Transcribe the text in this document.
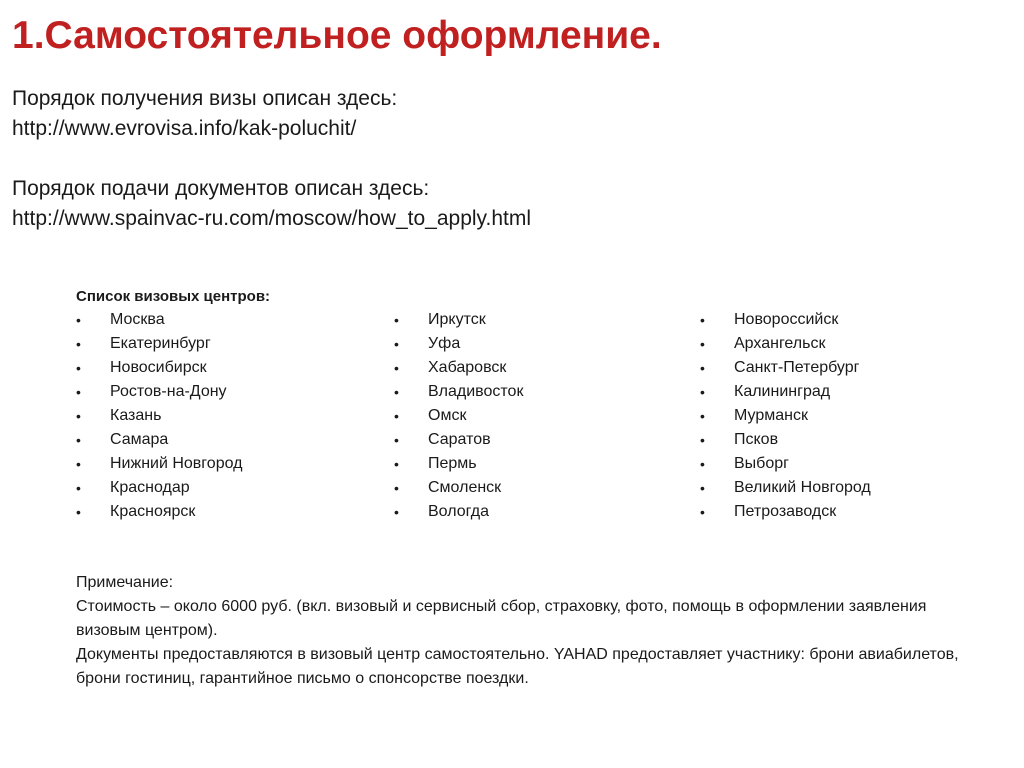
1.Самостоятельное оформление.
Порядок получения визы описан здесь:
http://www.evrovisa.info/kak-poluchit/
Порядок подачи документов описан здесь:
http://www.spainvac-ru.com/moscow/how_to_apply.html
Список визовых центров:
• Москва
• Екатеринбург
• Новосибирск
• Ростов-на-Дону
• Казань
• Самара
• Нижний Новгород
• Краснодар
• Красноярск
• Иркутск
• Уфа
• Хабаровск
• Владивосток
• Омск
• Саратов
• Пермь
• Смоленск
• Вологда
• Новороссийск
• Архангельск
• Санкт-Петербург
• Калининград
• Мурманск
• Псков
• Выборг
• Великий Новгород
• Петрозаводск

Примечание:

Стоимость – около 6000 руб. (вкл. визовый и сервисный сбор, страховку, фото, помощь в оформлении заявления визовым центром).

Документы предоставляются в визовый центр самостоятельно. YAHAD предоставляет участнику: брони авиабилетов, брони гостиниц, гарантийное письмо о спонсорстве поездки.
